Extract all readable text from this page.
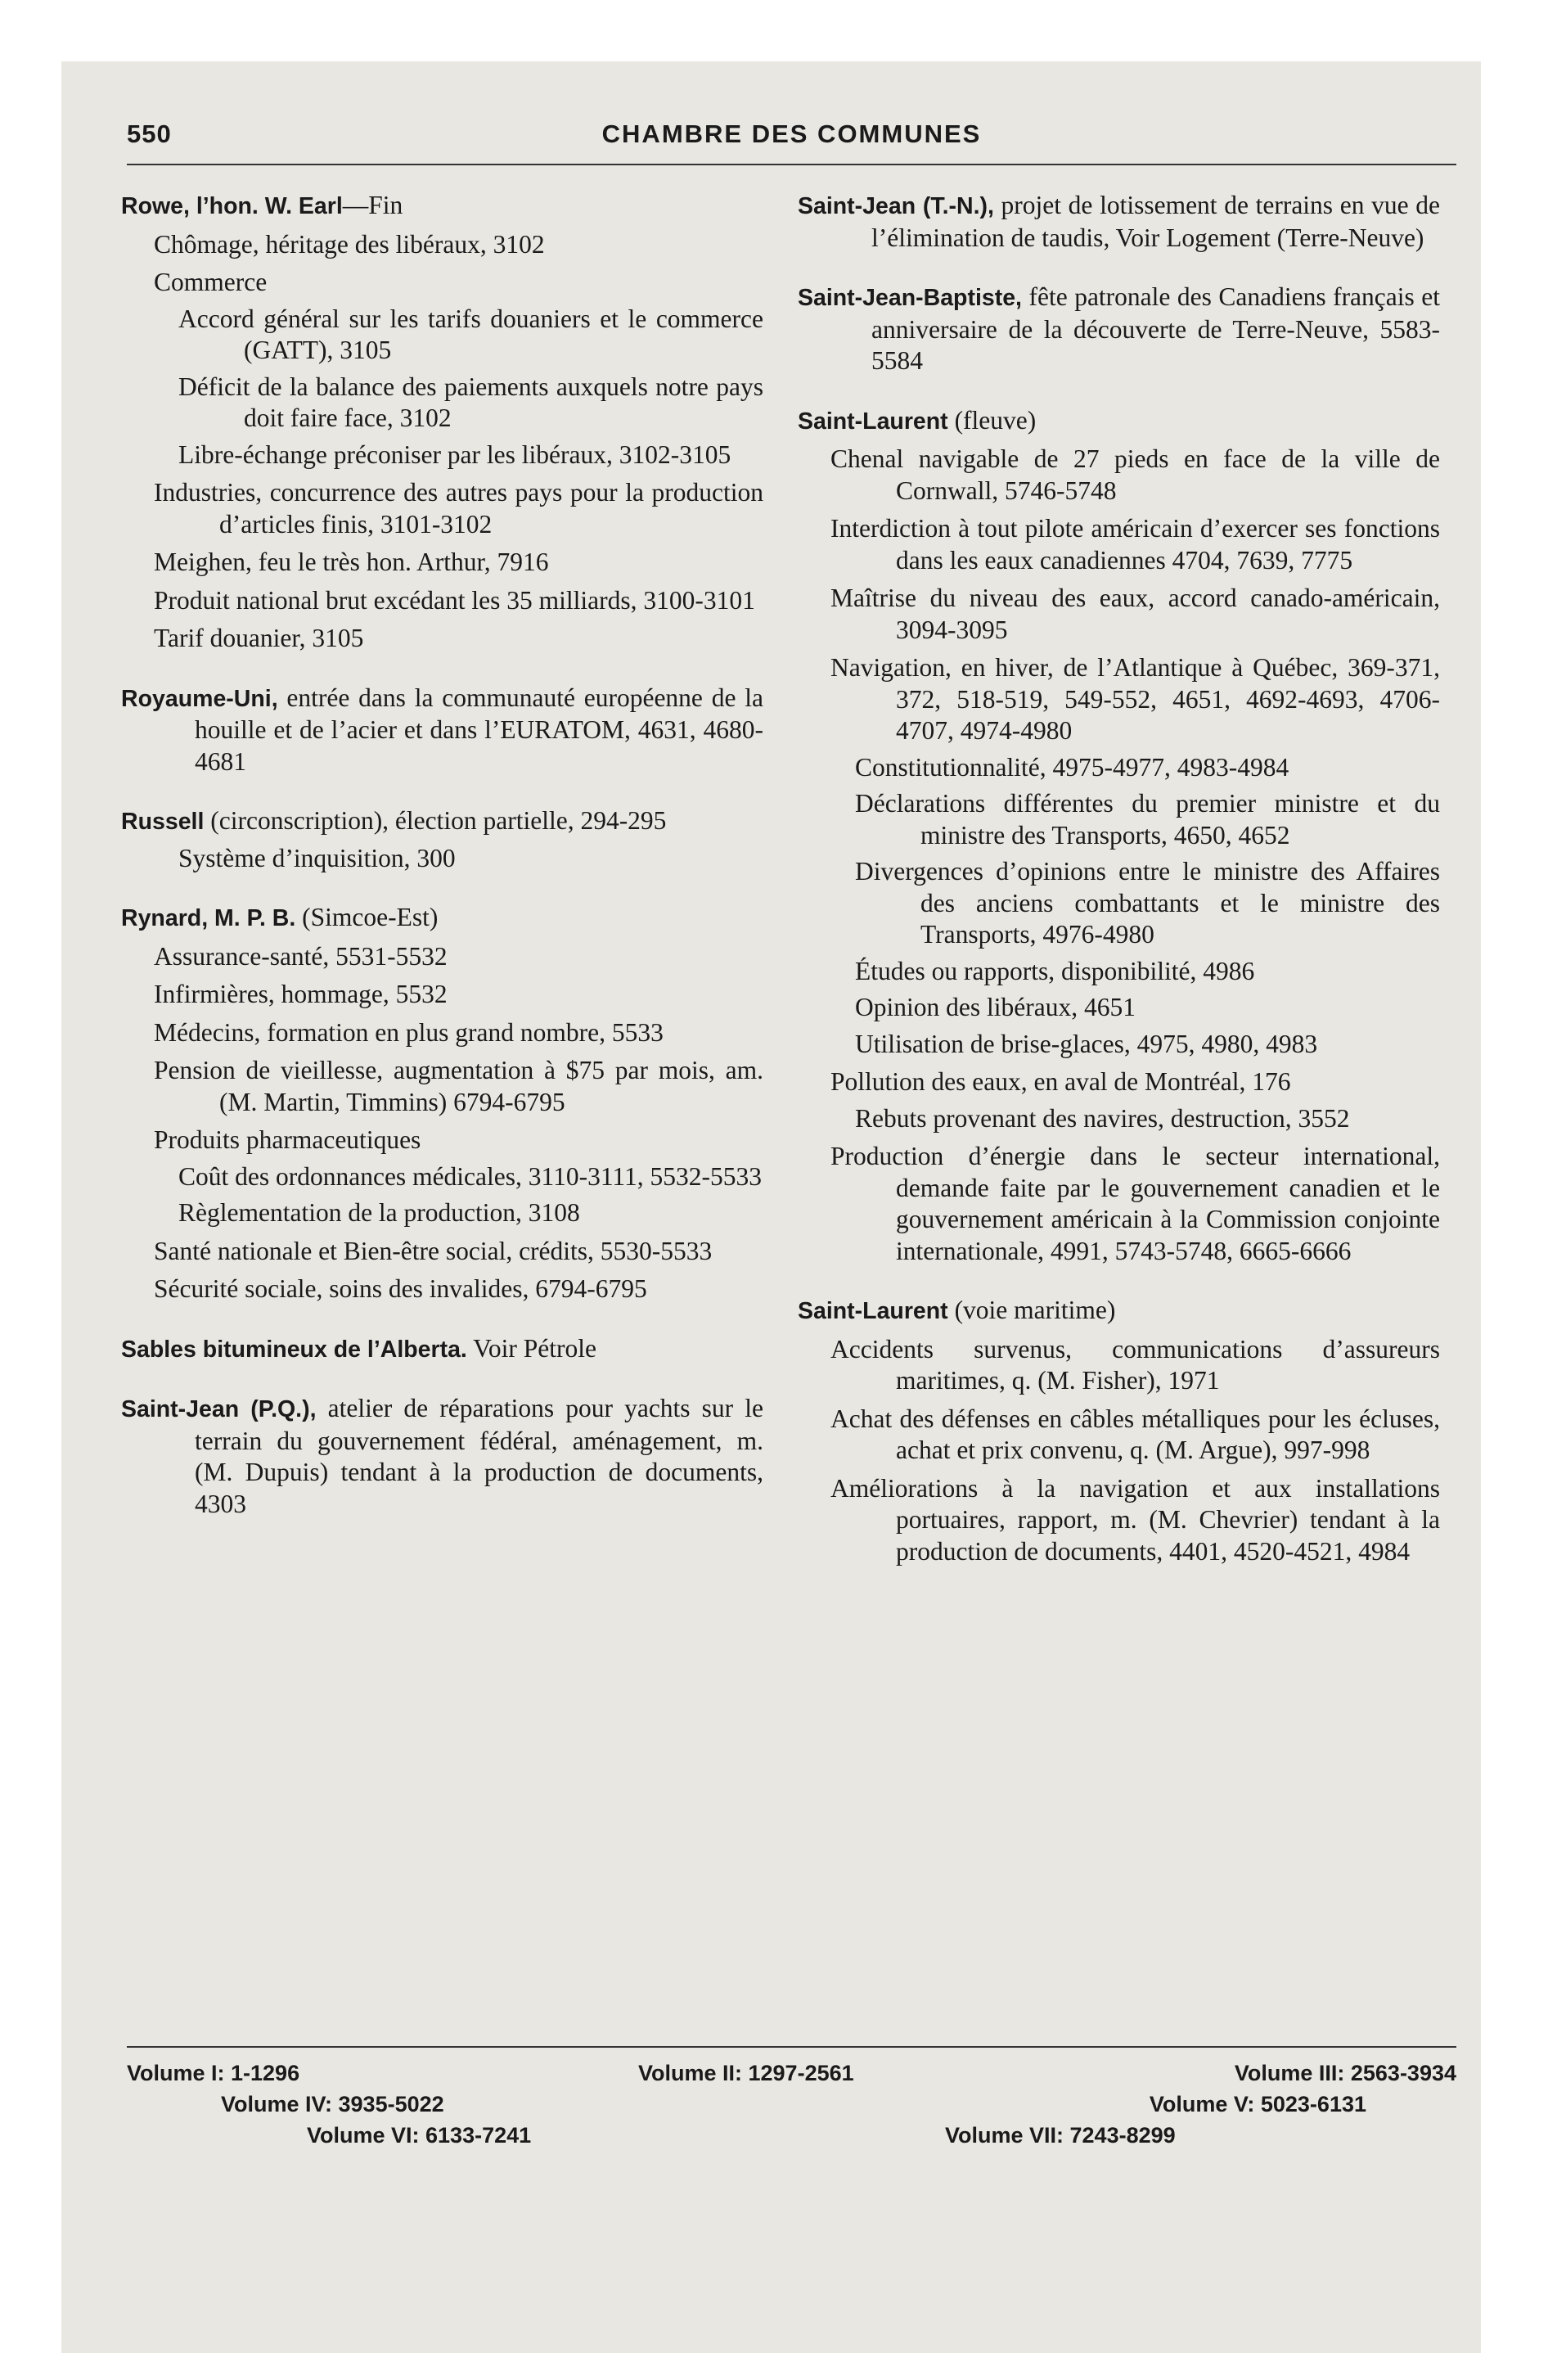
550	CHAMBRE DES COMMUNES
Rowe, l’hon. W. Earl—Fin
Chômage, héritage des libéraux, 3102
Commerce
Accord général sur les tarifs douaniers et le commerce (GATT), 3105
Déficit de la balance des paiements auxquels notre pays doit faire face, 3102
Libre-échange préconiser par les libéraux, 3102-3105
Industries, concurrence des autres pays pour la production d’articles finis, 3101-3102
Meighen, feu le très hon. Arthur, 7916
Produit national brut excédant les 35 milliards, 3100-3101
Tarif douanier, 3105
Royaume-Uni, entrée dans la communauté européenne de la houille et de l’acier et dans l’EURATOM, 4631, 4680-4681
Russell (circonscription), élection partielle, 294-295
Système d’inquisition, 300
Rynard, M. P. B. (Simcoe-Est)
Assurance-santé, 5531-5532
Infirmières, hommage, 5532
Médecins, formation en plus grand nombre, 5533
Pension de vieillesse, augmentation à $75 par mois, am. (M. Martin, Timmins) 6794-6795
Produits pharmaceutiques
Coût des ordonnances médicales, 3110-3111, 5532-5533
Règlementation de la production, 3108
Santé nationale et Bien-être social, crédits, 5530-5533
Sécurité sociale, soins des invalides, 6794-6795
Sables bitumineux de l’Alberta. Voir Pétrole
Saint-Jean (P.Q.), atelier de réparations pour yachts sur le terrain du gouvernement fédéral, aménagement, m. (M. Dupuis) tendant à la production de documents, 4303
Saint-Jean (T.-N.), projet de lotissement de terrains en vue de l’élimination de taudis, Voir Logement (Terre-Neuve)
Saint-Jean-Baptiste, fête patronale des Canadiens français et anniversaire de la découverte de Terre-Neuve, 5583-5584
Saint-Laurent (fleuve)
Chenal navigable de 27 pieds en face de la ville de Cornwall, 5746-5748
Interdiction à tout pilote américain d’exercer ses fonctions dans les eaux canadiennes 4704, 7639, 7775
Maîtrise du niveau des eaux, accord canado-américain, 3094-3095
Navigation, en hiver, de l’Atlantique à Québec, 369-371, 372, 518-519, 549-552, 4651, 4692-4693, 4706-4707, 4974-4980
Constitutionnalité, 4975-4977, 4983-4984
Déclarations différentes du premier ministre et du ministre des Transports, 4650, 4652
Divergences d’opinions entre le ministre des Affaires des anciens combattants et le ministre des Transports, 4976-4980
Études ou rapports, disponibilité, 4986
Opinion des libéraux, 4651
Utilisation de brise-glaces, 4975, 4980, 4983
Pollution des eaux, en aval de Montréal, 176
Rebuts provenant des navires, destruction, 3552
Production d’énergie dans le secteur international, demande faite par le gouvernement canadien et le gouvernement américain à la Commission conjointe internationale, 4991, 5743-5748, 6665-6666
Saint-Laurent (voie maritime)
Accidents survenus, communications d’assureurs maritimes, q. (M. Fisher), 1971
Achat des défenses en câbles métalliques pour les écluses, achat et prix convenu, q. (M. Argue), 997-998
Améliorations à la navigation et aux installations portuaires, rapport, m. (M. Chevrier) tendant à la production de documents, 4401, 4520-4521, 4984
Volume I: 1-1296	Volume II: 1297-2561	Volume III: 2563-3934
Volume IV: 3935-5022	Volume V: 5023-6131
Volume VI: 6133-7241	Volume VII: 7243-8299
